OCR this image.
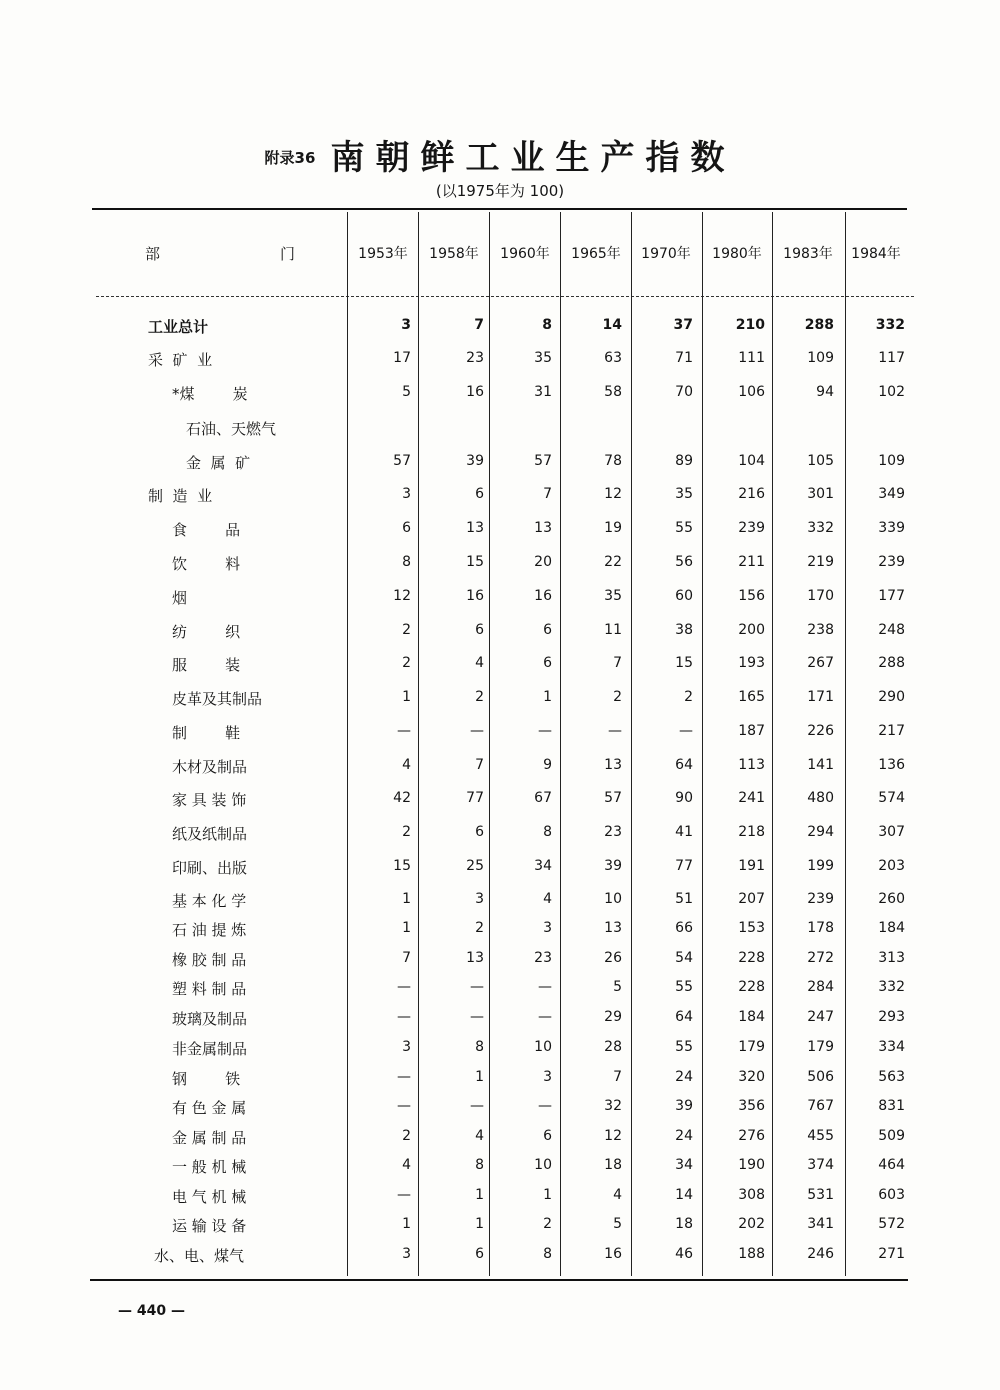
附录36 南朝鲜工业生产指数
(以1975年为 100)
部	门	1953年	1958年	1960年	1965年	1970年	1980年	1983年	1984年
工业总计	3	7	8	14	37	210	288	332
采  矿  业	17	23	35	63	71	111	109	117
*煤        炭	5	16	31	58	70	106	94	102
石油、天燃气
金  属  矿	57	39	57	78	89	104	105	109
制  造  业	3	6	7	12	35	216	301	349
食        品	6	13	13	19	55	239	332	339
饮        料	8	15	20	22	56	211	219	239
烟	12	16	16	35	60	156	170	177
纺        织	2	6	6	11	38	200	238	248
服        装	2	4	6	7	15	193	267	288
皮革及其制品	1	2	1	2	2	165	171	290
制        鞋	—	—	—	—	—	187	226	217
木材及制品	4	7	9	13	64	113	141	136
家 具 装 饰	42	77	67	57	90	241	480	574
纸及纸制品	2	6	8	23	41	218	294	307
印刷、出版	15	25	34	39	77	191	199	203
基 本 化 学	1	3	4	10	51	207	239	260
石 油 提 炼	1	2	3	13	66	153	178	184
橡 胶 制 品	7	13	23	26	54	228	272	313
塑 料 制 品	—	—	—	5	55	228	284	332
玻璃及制品	—	—	—	29	64	184	247	293
非金属制品	3	8	10	28	55	179	179	334
钢        铁	—	1	3	7	24	320	506	563
有 色 金 属	—	—	—	32	39	356	767	831
金 属 制 品	2	4	6	12	24	276	455	509
一 般 机 械	4	8	10	18	34	190	374	464
电 气 机 械	—	1	1	4	14	308	531	603
运 输 设 备	1	1	2	5	18	202	341	572
水、电、煤气	3	6	8	16	46	188	246	271
— 440 —
